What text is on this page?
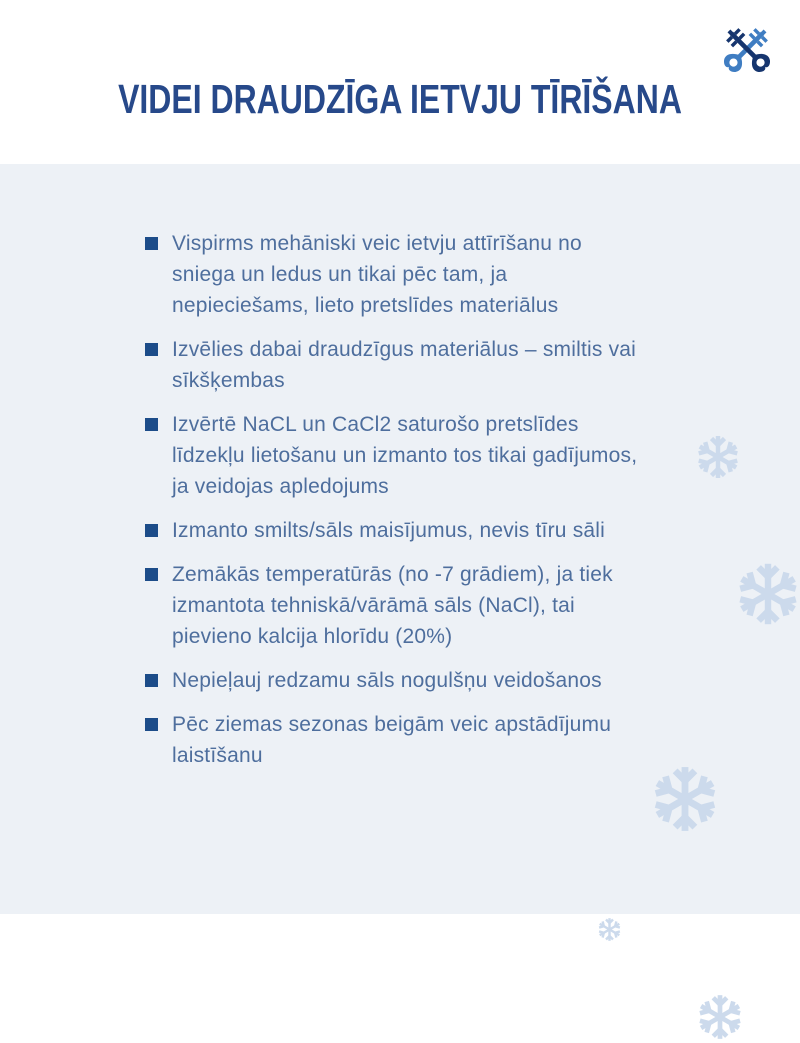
VIDEI DRAUDZĪGA IETVJU TĪRĪŠANA
Vispirms mehāniski veic ietvju attīrīšanu no sniega un ledus un tikai pēc tam, ja nepieciešams, lieto pretslīdes materiālus
Izvēlies dabai draudzīgus materiālus – smiltis vai sīkšķembas
Izvērtē NaCL un CaCl2 saturošo pretslīdes līdzekļu lietošanu un izmanto tos tikai gadījumos, ja veidojas apledojums
Izmanto smilts/sāls maisījumus, nevis tīru sāli
Zemākās temperatūrās (no -7 grādiem), ja tiek izmantota tehniskā/vārāmā sāls (NaCl), tai pievieno kalcija hlorīdu (20%)
Nepieļauj redzamu sāls nogulšņu veidošanos
Pēc ziemas sezonas beigām veic apstādījumu laistīšanu
